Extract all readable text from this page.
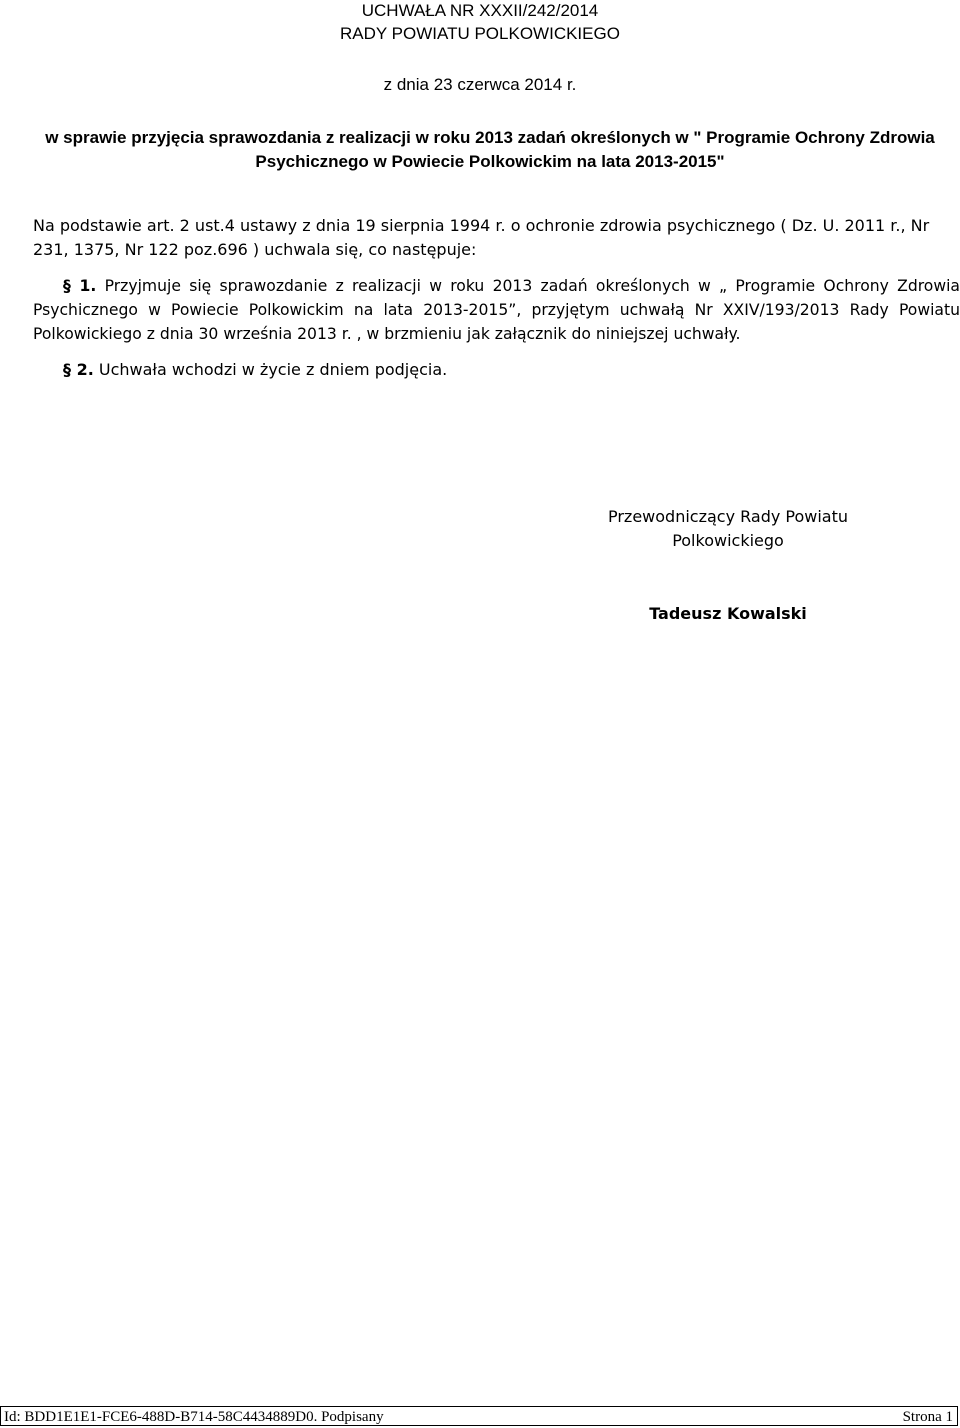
UCHWAŁA NR XXXII/242/2014
RADY POWIATU POLKOWICKIEGO
z dnia 23 czerwca 2014 r.
w sprawie przyjęcia sprawozdania z realizacji w roku 2013 zadań określonych w " Programie Ochrony Zdrowia Psychicznego w Powiecie Polkowickim na lata 2013-2015"
Na podstawie art. 2 ust.4 ustawy z dnia 19 sierpnia 1994 r. o ochronie zdrowia psychicznego ( Dz. U. 2011 r., Nr 231, 1375, Nr 122 poz.696 ) uchwala się, co następuje:
§ 1. Przyjmuje się sprawozdanie z realizacji w roku 2013 zadań określonych w „ Programie Ochrony Zdrowia Psychicznego w Powiecie Polkowickim na lata 2013-2015”, przyjętym uchwałą Nr XXIV/193/2013 Rady Powiatu Polkowickiego z dnia 30 września 2013 r. , w brzmieniu jak załącznik do niniejszej uchwały.
§ 2. Uchwała wchodzi w życie z dniem podjęcia.
Przewodniczący Rady Powiatu Polkowickiego
Tadeusz Kowalski
Id: BDD1E1E1-FCE6-488D-B714-58C4434889D0. Podpisany	Strona 1
